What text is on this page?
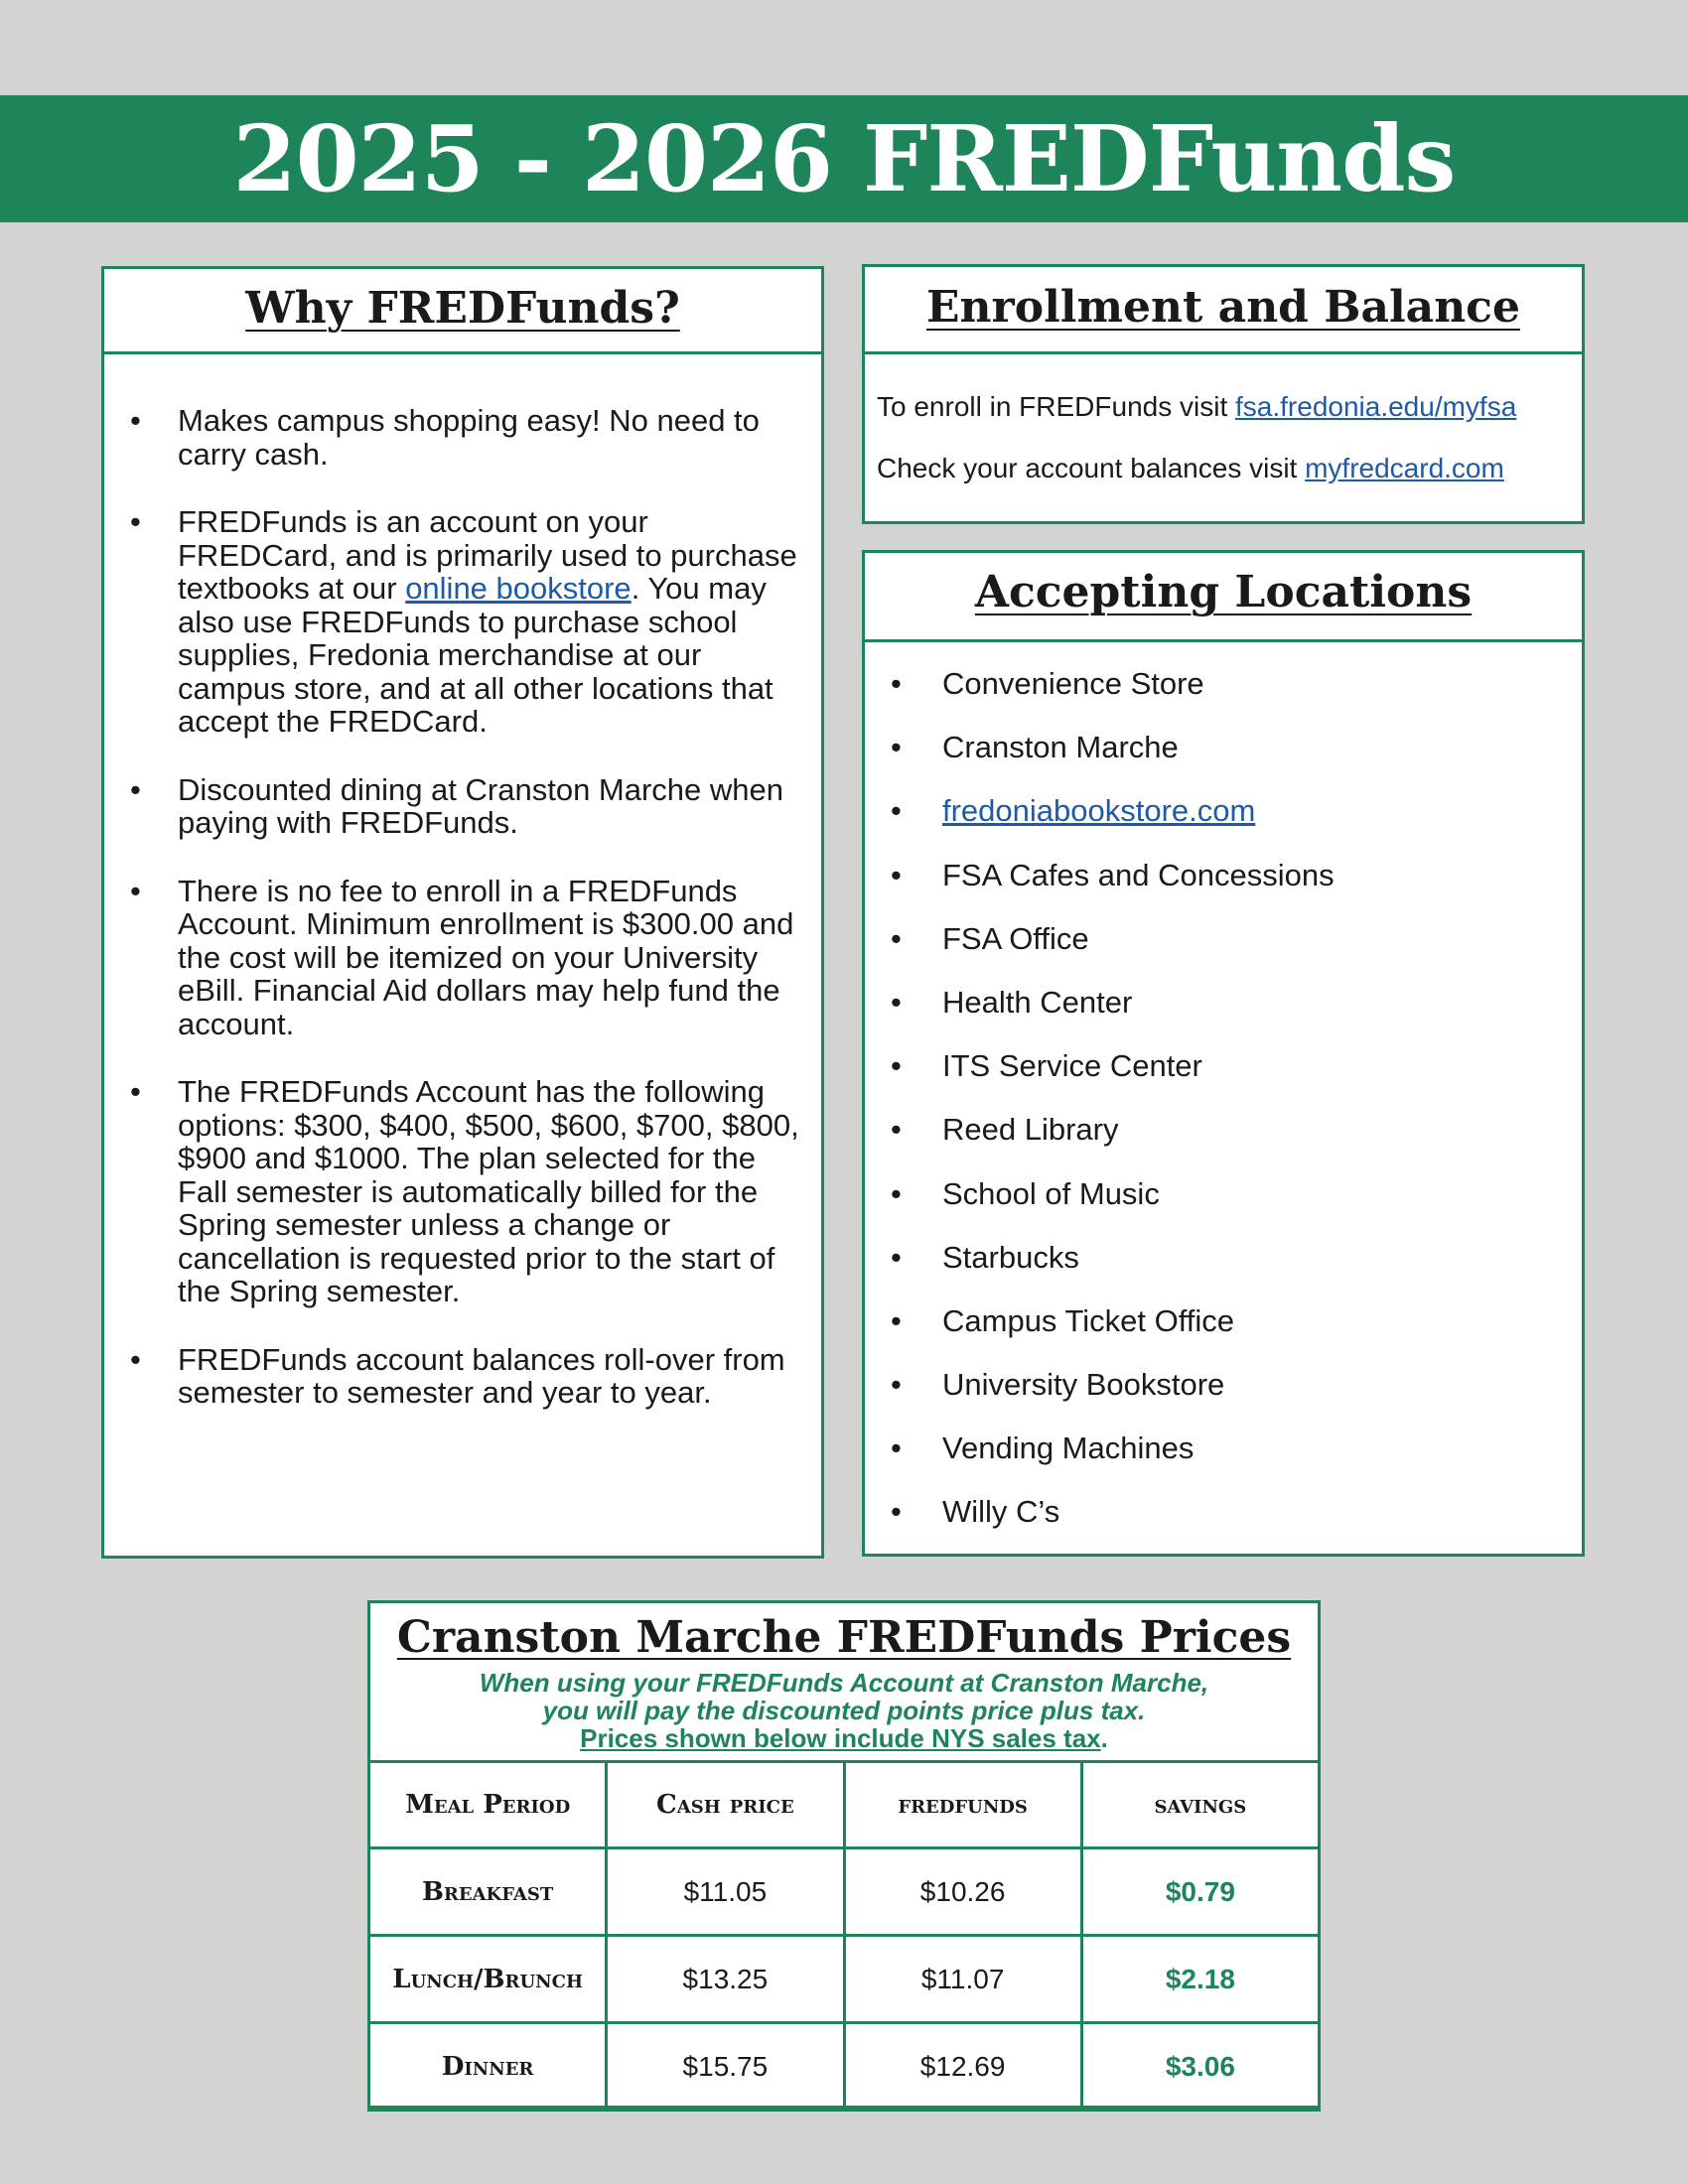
2025 - 2026 FREDFunds
Why FREDFunds?
• Makes campus shopping easy! No need to carry cash.
• FREDFunds is an account on your FREDCard, and is primarily used to purchase textbooks at our online bookstore. You may also use FREDFunds to purchase school supplies, Fredonia merchandise at our campus store, and at all other locations that accept the FREDCard.
• Discounted dining at Cranston Marche when paying with FREDFunds.
• There is no fee to enroll in a FREDFunds Account. Minimum enrollment is $300.00 and the cost will be itemized on your University eBill. Financial Aid dollars may help fund the account.
• The FREDFunds Account has the following options: $300, $400, $500, $600, $700, $800, $900 and $1000. The plan selected for the Fall semester is automatically billed for the Spring semester unless a change or cancellation is requested prior to the start of the Spring semester.
• FREDFunds account balances roll-over from semester to semester and year to year.
Enrollment and Balance
To enroll in FREDFunds visit fsa.fredonia.edu/myfsa
Check your account balances visit myfredcard.com
Accepting Locations
• Convenience Store
• Cranston Marche
• fredoniabookstore.com
• FSA Cafes and Concessions
• FSA Office
• Health Center
• ITS Service Center
• Reed Library
• School of Music
• Starbucks
• Campus Ticket Office
• University Bookstore
• Vending Machines
• Willy C’s
Cranston Marche FREDFunds Prices
When using your FREDFunds Account at Cranston Marche,
you will pay the discounted points price plus tax.
Prices shown below include NYS sales tax.
Meal Period	Cash price	fredfunds	savings
Breakfast	$11.05	$10.26	$0.79
Lunch/Brunch	$13.25	$11.07	$2.18
Dinner	$15.75	$12.69	$3.06
